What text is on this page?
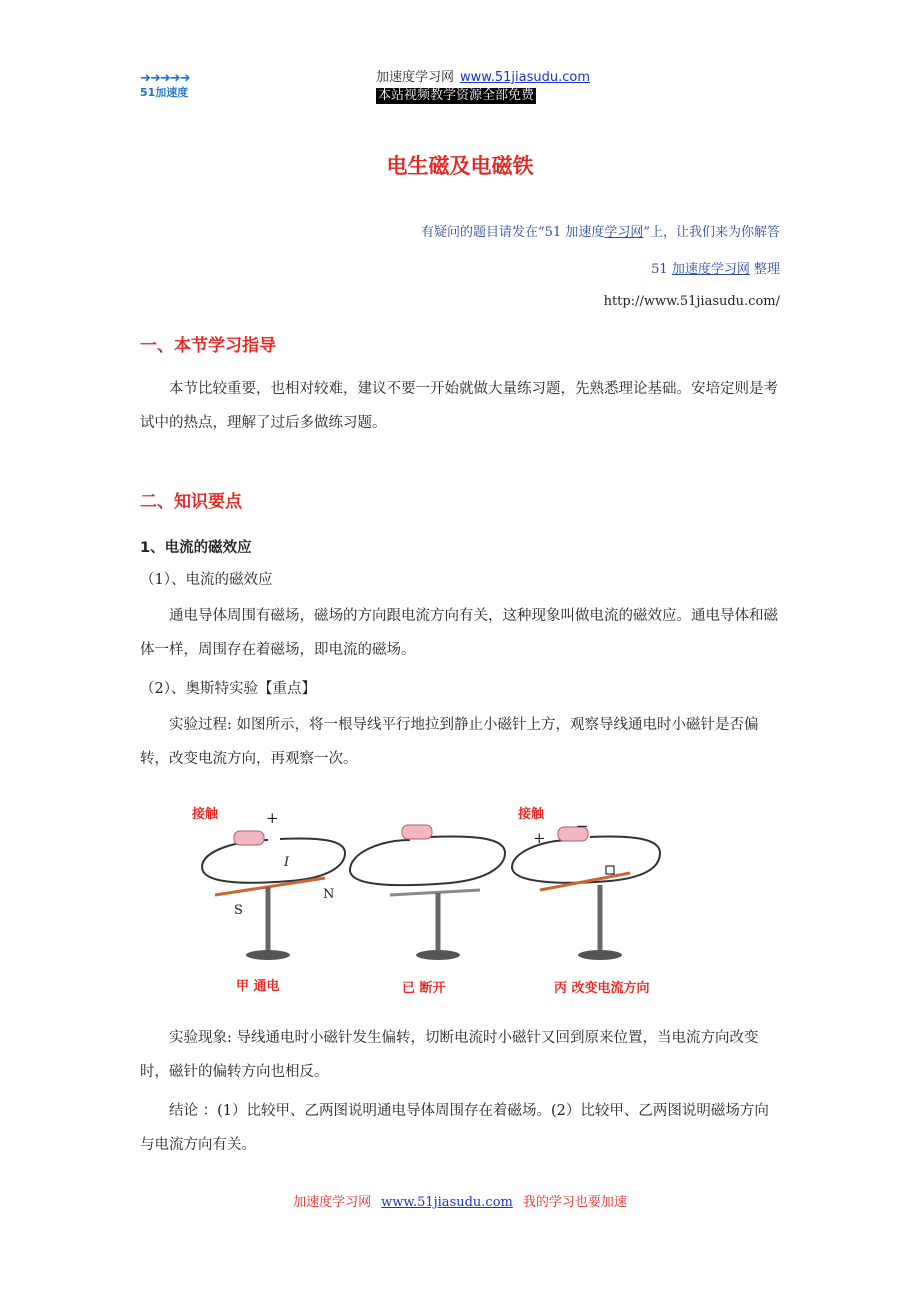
➜➜➜➜➜
51加速度
加速度学习网 www.51jiasudu.com
本站视频教学资源全部免费
电生磁及电磁铁
有疑问的题目请发在“51 加速度学习网”上，让我们来为你解答
51 加速度学习网 整理
http://www.51jiasudu.com/
一、本节学习指导
本节比较重要，也相对较难，建议不要一开始就做大量练习题，先熟悉理论基础。安培定则是考试中的热点，理解了过后多做练习题。
二、知识要点
1、电流的磁效应
（1）、电流的磁效应
通电导体周围有磁场，磁场的方向跟电流方向有关，这种现象叫做电流的磁效应。通电导体和磁体一样，周围存在着磁场，即电流的磁场。
（2）、奥斯特实验【重点】
实验过程: 如图所示，将一根导线平行地拉到静止小磁针上方，观察导线通电时小磁针是否偏转，改变电流方向，再观察一次。
接触	接触
+
+
−
I
S
N
甲 通电	已 断开	丙 改变电流方向
实验现象: 导线通电时小磁针发生偏转，切断电流时小磁针又回到原来位置，当电流方向改变时，磁针的偏转方向也相反。
结论 ：(1）比较甲、乙两图说明通电导体周围存在着磁场。(2）比较甲、乙两图说明磁场方向与电流方向有关。
加速度学习网 www.51jiasudu.com 我的学习也要加速
